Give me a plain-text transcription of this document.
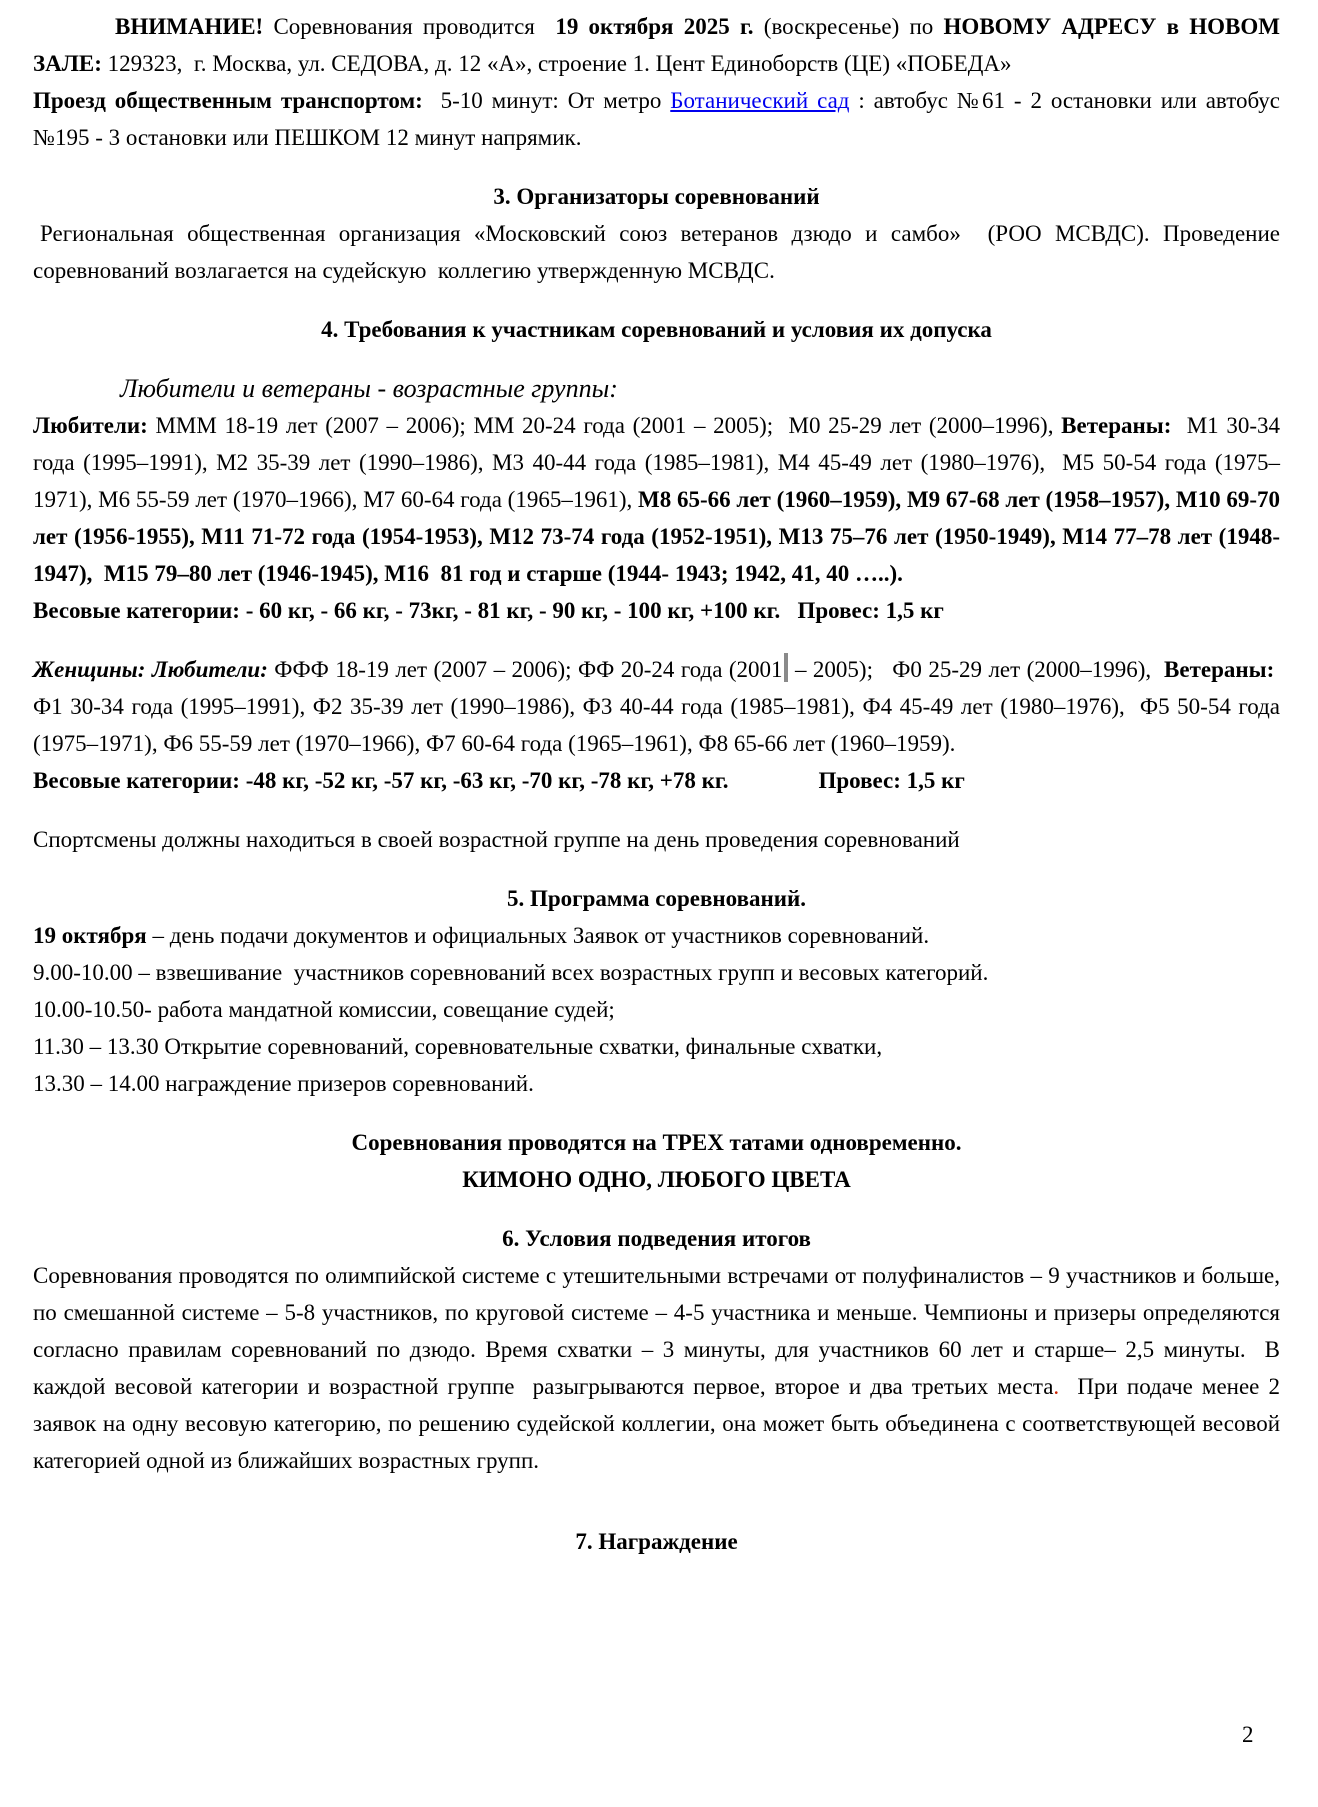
ВНИМАНИЕ! Соревнования проводится  19 октября 2025 г. (воскресенье) по НОВОМУ АДРЕСУ в НОВОМ ЗАЛЕ: 129323,  г. Москва, ул. СЕДОВА, д. 12 «А», строение 1. Цент Единоборств (ЦЕ) «ПОБЕДА»
Проезд общественным транспортом:  5-10 минут: От метро Ботанический сад : автобус №61 - 2 остановки или автобус №195 - 3 остановки или ПЕШКОМ 12 минут напрямик.
3. Организаторы соревнований
Региональная общественная организация «Московский союз ветеранов дзюдо и самбо»  (РОО МСВДС). Проведение соревнований возлагается на судейскую  коллегию утвержденную МСВДС.
4. Требования к участникам соревнований и условия их допуска
Любители и ветераны - возрастные группы:
Любители: МММ 18-19 лет (2007 – 2006); ММ 20-24 года (2001 – 2005);  М0 25-29 лет (2000–1996), Ветераны:  М1 30-34 года (1995–1991), М2 35-39 лет (1990–1986), М3 40-44 года (1985–1981), М4 45-49 лет (1980–1976),  М5 50-54 года (1975–1971), М6 55-59 лет (1970–1966), М7 60-64 года (1965–1961), М8 65-66 лет (1960–1959), М9 67-68 лет (1958–1957), М10 69-70 лет (1956-1955), М11 71-72 года (1954-1953), М12 73-74 года (1952-1951), М13 75–76 лет (1950-1949), М14 77–78 лет (1948-1947),  М15 79–80 лет (1946-1945), М16  81 год и старше (1944- 1943; 1942, 41, 40 …..).
Весовые категории: - 60 кг, - 66 кг, - 73кг, - 81 кг, - 90 кг, - 100 кг, +100 кг.   Провес: 1,5 кг
Женщины: Любители: ФФФ 18-19 лет (2007 – 2006); ФФ 20-24 года (2001 – 2005);   Ф0 25-29 лет (2000–1996),  Ветераны:  Ф1 30-34 года (1995–1991), Ф2 35-39 лет (1990–1986), Ф3 40-44 года (1985–1981), Ф4 45-49 лет (1980–1976),  Ф5 50-54 года (1975–1971), Ф6 55-59 лет (1970–1966), Ф7 60-64 года (1965–1961), Ф8 65-66 лет (1960–1959).
Весовые категории: -48 кг, -52 кг, -57 кг, -63 кг, -70 кг, -78 кг, +78 кг.	Провес: 1,5 кг
Спортсмены должны находиться в своей возрастной группе на день проведения соревнований
5. Программа соревнований.
19 октября – день подачи документов и официальных Заявок от участников соревнований.
9.00-10.00 – взвешивание  участников соревнований всех возрастных групп и весовых категорий.
10.00-10.50- работа мандатной комиссии, совещание судей;
11.30 – 13.30 Открытие соревнований, соревновательные схватки, финальные схватки,
13.30 – 14.00 награждение призеров соревнований.
Соревнования проводятся на ТРЕХ татами одновременно.
КИМОНО ОДНО, ЛЮБОГО ЦВЕТА
6. Условия подведения итогов
Соревнования проводятся по олимпийской системе с утешительными встречами от полуфиналистов – 9 участников и больше, по смешанной системе – 5-8 участников, по круговой системе – 4-5 участника и меньше. Чемпионы и призеры определяются согласно правилам соревнований по дзюдо. Время схватки – 3 минуты, для участников 60 лет и старше– 2,5 минуты.  В каждой весовой категории и возрастной группе  разыгрываются первое, второе и два третьих места.  При подаче менее 2 заявок на одну весовую категорию, по решению судейской коллегии, она может быть объединена с соответствующей весовой категорией одной из ближайших возрастных групп.
7. Награждение
2
